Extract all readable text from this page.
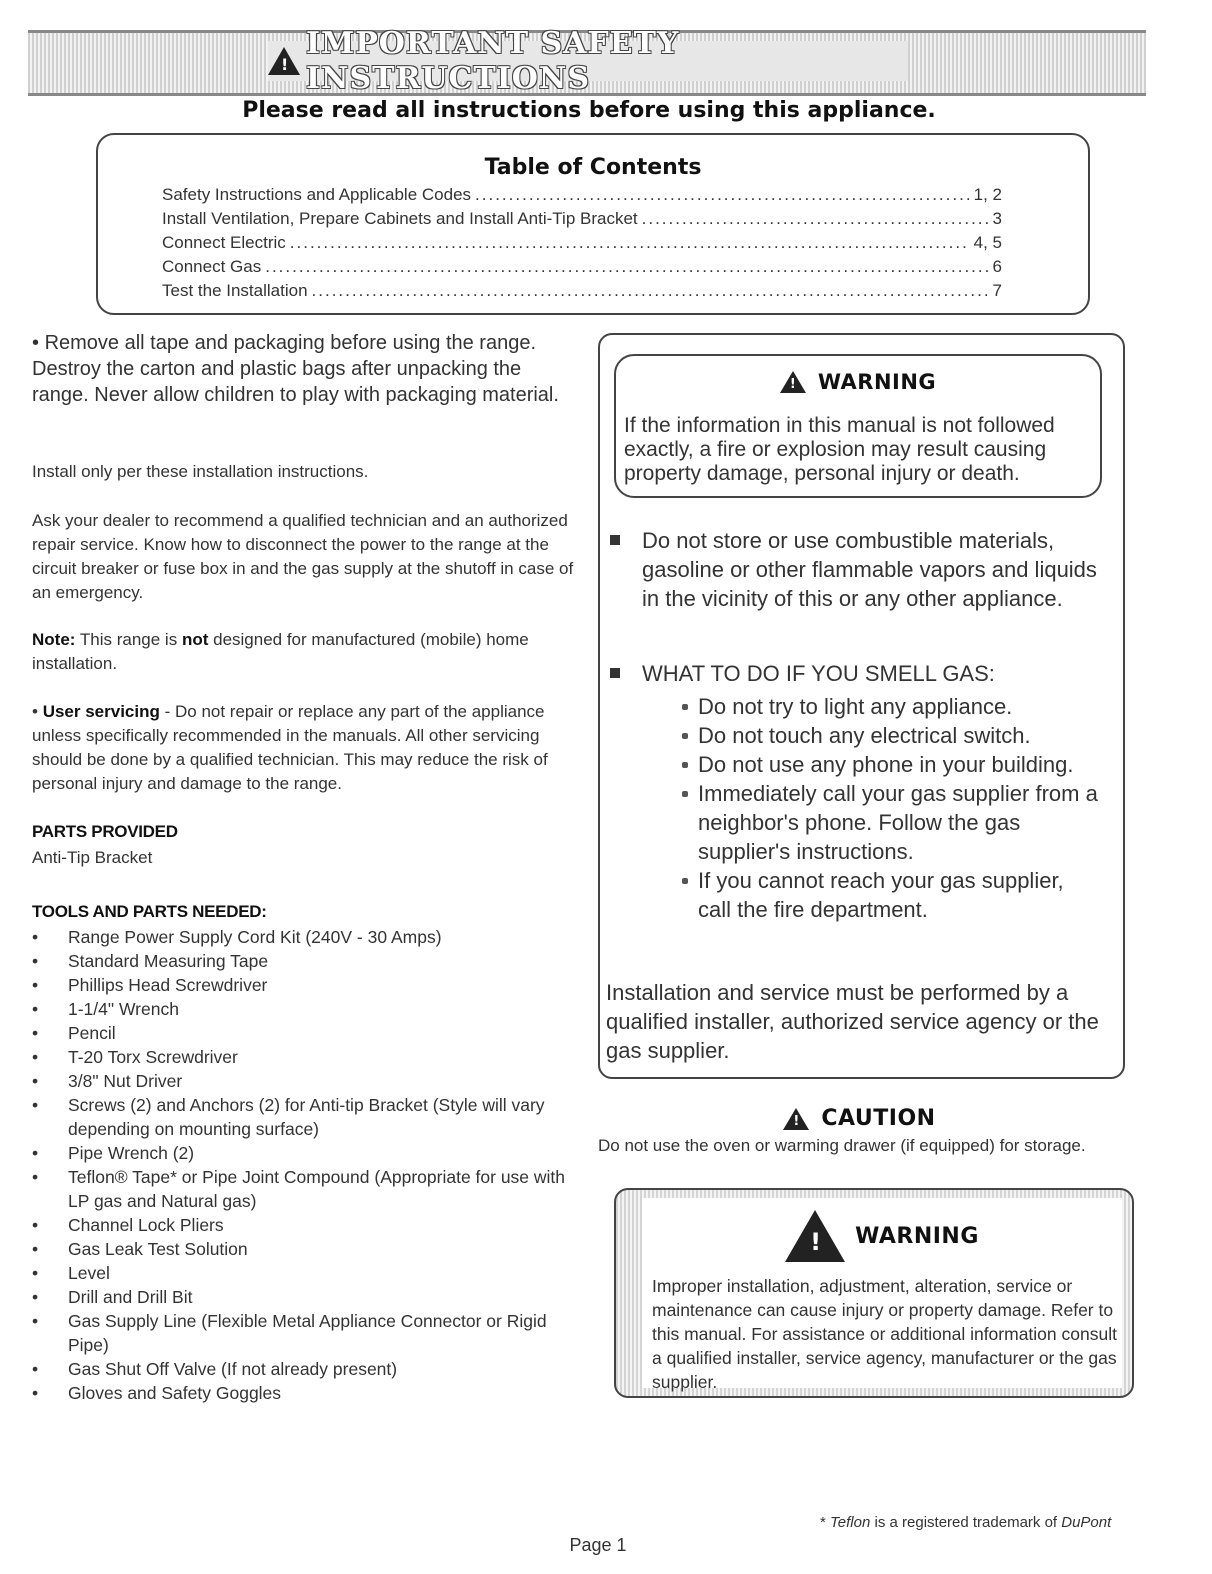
!
IMPORTANT SAFETY INSTRUCTIONS
Please read all instructions before using this appliance.
Table of Contents
Safety Instructions and Applicable Codes .....	1, 2
Install Ventilation, Prepare Cabinets and Install Anti-Tip Bracket .....	3
Connect Electric .....	4, 5
Connect Gas .....	6
Test the Installation .....	7
• Remove all tape and packaging before using the range. Destroy the carton and plastic bags after unpacking the range. Never allow children to play with packaging material.
Install only per these installation instructions.
Ask your dealer to recommend a qualified technician and an authorized repair service. Know how to disconnect the power to the range at the circuit breaker or fuse box in and the gas supply at the shutoff in case of an emergency.
Note: This range is not designed for manufactured (mobile) home installation.
• User servicing - Do not repair or replace any part of the appliance unless specifically recommended in the manuals. All other servicing should be done by a qualified technician. This may reduce the risk of personal injury and damage to the range.
PARTS PROVIDED
Anti-Tip Bracket
TOOLS AND PARTS NEEDED:
• Range Power Supply Cord Kit (240V - 30 Amps)
• Standard Measuring Tape
• Phillips Head Screwdriver
• 1-1/4" Wrench
• Pencil
• T-20 Torx Screwdriver
• 3/8" Nut Driver
• Screws (2) and Anchors (2) for Anti-tip Bracket (Style will vary depending on mounting surface)
• Pipe Wrench (2)
• Teflon® Tape* or Pipe Joint Compound (Appropriate for use with LP gas and Natural gas)
• Channel Lock Pliers
• Gas Leak Test Solution
• Level
• Drill and Drill Bit
• Gas Supply Line (Flexible Metal Appliance Connector or Rigid Pipe)
• Gas Shut Off Valve (If not already present)
• Gloves and Safety Goggles
!
WARNING
If the information in this manual is not followed exactly, a fire or explosion may result causing property damage, personal injury or death.
Do not store or use combustible materials, gasoline or other flammable vapors and liquids in the vicinity of this or any other appliance.
WHAT TO DO IF YOU SMELL GAS:
Do not try to light any appliance.
Do not touch any electrical switch.
Do not use any phone in your building.
Immediately call your gas supplier from a neighbor's phone. Follow the gas supplier's instructions.
If you cannot reach your gas supplier, call the fire department.
Installation and service must be performed by a qualified installer, authorized service agency or the gas supplier.
!
CAUTION
Do not use the oven or warming drawer (if equipped) for storage.
!
WARNING
Improper installation, adjustment, alteration, service or maintenance can cause injury or property damage. Refer to this manual. For assistance or additional information consult a qualified installer, service agency, manufacturer or the gas supplier.
* Teflon is a registered trademark of DuPont
Page 1
